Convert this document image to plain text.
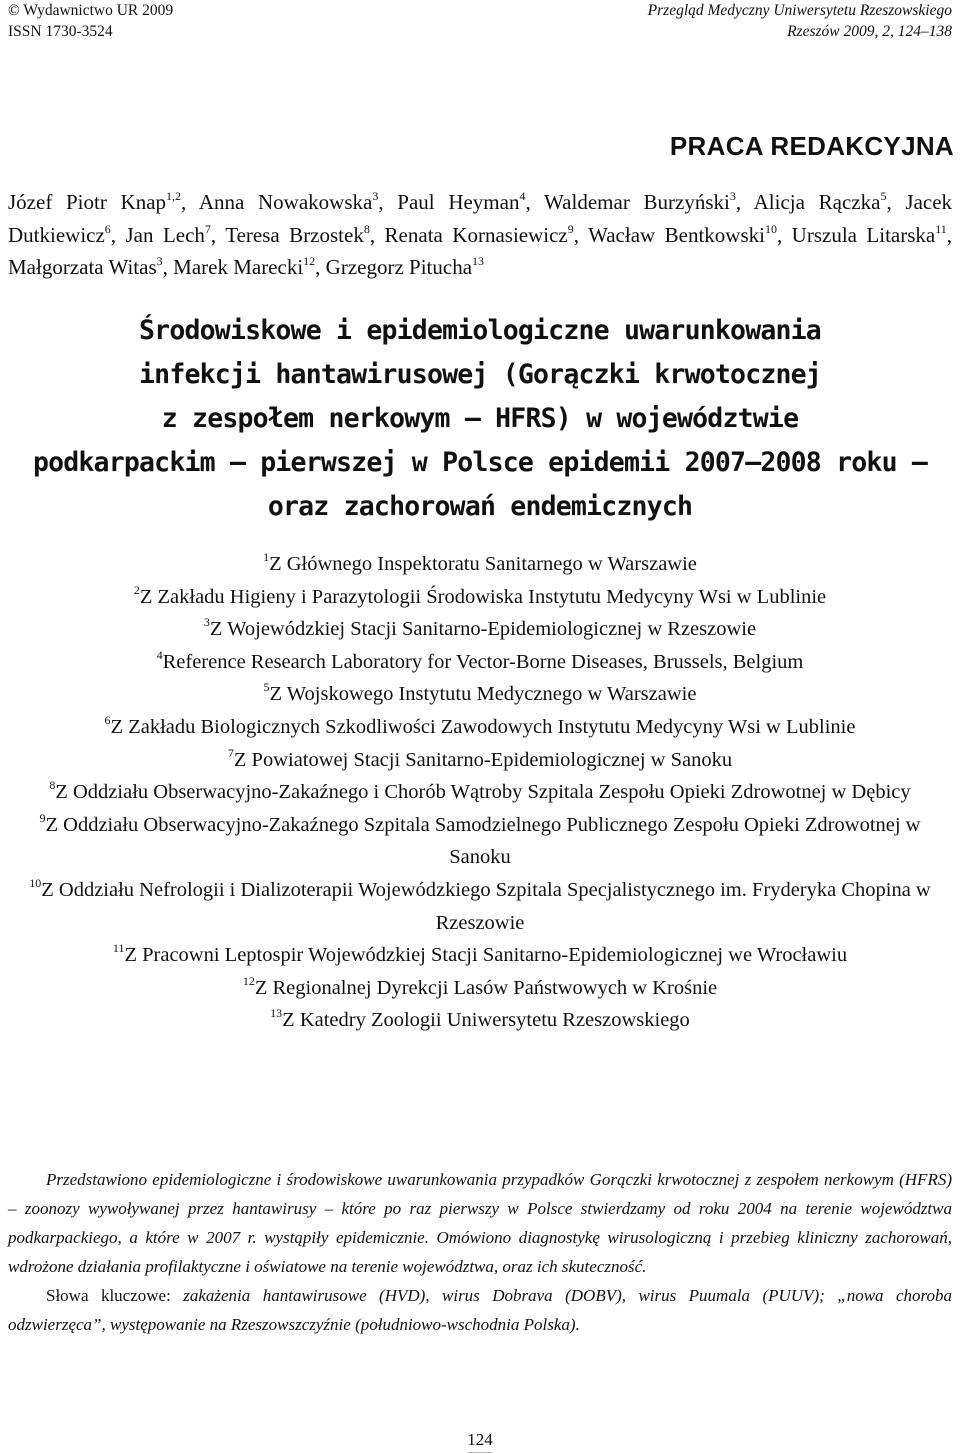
© Wydawnictwo UR 2009
ISSN 1730-3524
Przegląd Medyczny Uniwersytetu Rzeszowskiego
Rzeszów 2009, 2, 124–138
PRACA REDAKCYJNA
Józef Piotr Knap$^{1,2}$, Anna Nowakowska$^3$, Paul Heyman$^4$, Waldemar Burzyński$^3$, Alicja Rączka$^5$, Jacek Dutkiewicz$^6$, Jan Lech$^7$, Teresa Brzostek$^8$, Renata Kornasiewicz$^9$, Wacław Bentkowski$^{10}$, Urszula Litarska$^{11}$, Małgorzata Witas$^3$, Marek Marecki$^{12}$, Grzegorz Pitucha$^{13}$
Środowiskowe i epidemiologiczne uwarunkowania
infekcji hantawirusowej (Gorączki krwotocznej
z zespołem nerkowym — HFRS) w województwie
podkarpackim — pierwszej w Polsce epidemii 2007—2008 roku —
oraz zachorowań endemicznych
$^1$Z Głównego Inspektoratu Sanitarnego w Warszawie
$^2$Z Zakładu Higieny i Parazytologii Środowiska Instytutu Medycyny Wsi w Lublinie
$^3$Z Wojewódzkiej Stacji Sanitarno-Epidemiologicznej w Rzeszowie
$^4$Reference Research Laboratory for Vector-Borne Diseases, Brussels, Belgium
$^5$Z Wojskowego Instytutu Medycznego w Warszawie
$^6$Z Zakładu Biologicznych Szkodliwości Zawodowych Instytutu Medycyny Wsi w Lublinie
$^7$Z Powiatowej Stacji Sanitarno-Epidemiologicznej w Sanoku
$^8$Z Oddziału Obserwacyjno-Zakaźnego i Chorób Wątroby Szpitala Zespołu Opieki Zdrowotnej w Dębicy
$^9$Z Oddziału Obserwacyjno-Zakaźnego Szpitala Samodzielnego Publicznego Zespołu Opieki Zdrowotnej w Sanoku
$^{10}$Z Oddziału Nefrologii i Dializoterapii Wojewódzkiego Szpitala Specjalistycznego im. Fryderyka Chopina w Rzeszowie
$^{11}$Z Pracowni Leptospir Wojewódzkiej Stacji Sanitarno-Epidemiologicznej we Wrocławiu
$^{12}$Z Regionalnej Dyrekcji Lasów Państwowych w Krośnie
$^{13}$Z Katedry Zoologii Uniwersytetu Rzeszowskiego

Przedstawiono epidemiologiczne i środowiskowe uwarunkowania przypadków Gorączki krwotocznej z zespołem nerkowym (HFRS) – zoonozy wywoływanej przez hantawirusy – które po raz pierwszy w Polsce stwierdzamy od roku 2004 na terenie województwa podkarpackiego, a które w 2007 r. wystąpiły epidemicznie. Omówiono diagnostykę wirusologiczną i przebieg kliniczny zachorowań, wdrożone działania profilaktyczne i oświatowe na terenie województwa, oraz ich skuteczność.

Słowa kluczowe: zakażenia hantawirusowe (HVD), wirus Dobrava (DOBV), wirus Puumala (PUUV); „nowa choroba odzwierzęca”, występowanie na Rzeszowszczyźnie (południowo-wschodnia Polska).

124
